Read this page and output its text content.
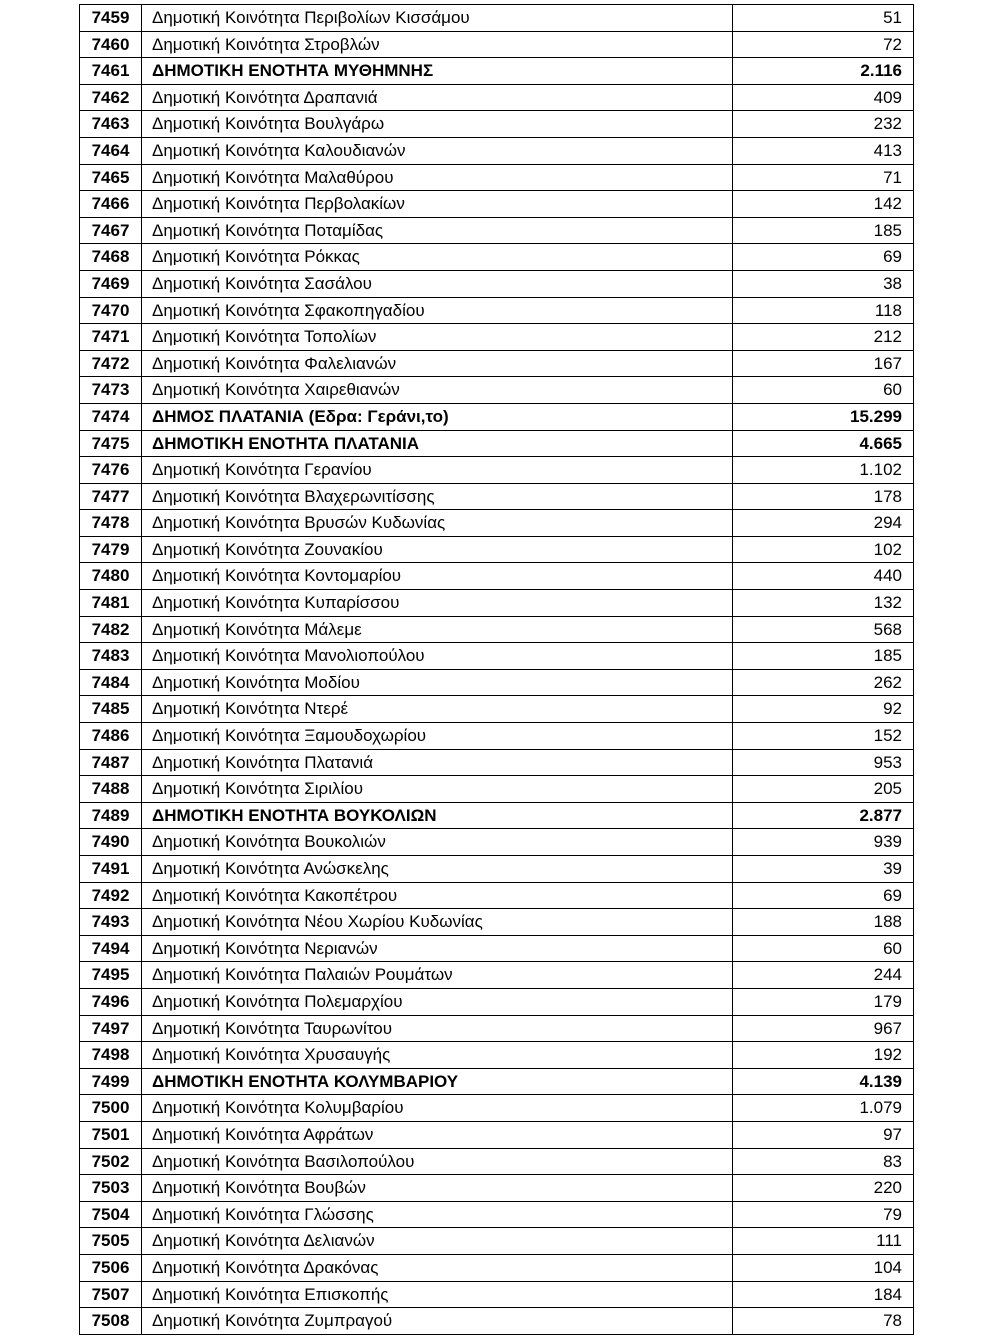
7459	Δημοτική Κοινότητα Περιβολίων Κισσάμου	51
7460	Δημοτική Κοινότητα Στροβλών	72
7461	ΔΗΜΟΤΙΚΗ ΕΝΟΤΗΤΑ ΜΥΘΗΜΝΗΣ	2.116
7462	Δημοτική Κοινότητα Δραπανιά	409
7463	Δημοτική Κοινότητα Βουλγάρω	232
7464	Δημοτική Κοινότητα Καλουδιανών	413
7465	Δημοτική Κοινότητα Μαλαθύρου	71
7466	Δημοτική Κοινότητα Περβολακίων	142
7467	Δημοτική Κοινότητα Ποταμίδας	185
7468	Δημοτική Κοινότητα Ρόκκας	69
7469	Δημοτική Κοινότητα Σασάλου	38
7470	Δημοτική Κοινότητα Σφακοπηγαδίου	118
7471	Δημοτική Κοινότητα Τοπολίων	212
7472	Δημοτική Κοινότητα Φαλελιανών	167
7473	Δημοτική Κοινότητα Χαιρεθιανών	60
7474	ΔΗΜΟΣ ΠΛΑΤΑΝΙΑ (Εδρα: Γεράνι,το)	15.299
7475	ΔΗΜΟΤΙΚΗ ΕΝΟΤΗΤΑ ΠΛΑΤΑΝΙΑ	4.665
7476	Δημοτική Κοινότητα Γερανίου	1.102
7477	Δημοτική Κοινότητα Βλαχερωνιτίσσης	178
7478	Δημοτική Κοινότητα Βρυσών Κυδωνίας	294
7479	Δημοτική Κοινότητα Ζουνακίου	102
7480	Δημοτική Κοινότητα Κοντομαρίου	440
7481	Δημοτική Κοινότητα Κυπαρίσσου	132
7482	Δημοτική Κοινότητα Μάλεμε	568
7483	Δημοτική Κοινότητα Μανολιοπούλου	185
7484	Δημοτική Κοινότητα Μοδίου	262
7485	Δημοτική Κοινότητα Ντερέ	92
7486	Δημοτική Κοινότητα Ξαμουδοχωρίου	152
7487	Δημοτική Κοινότητα Πλατανιά	953
7488	Δημοτική Κοινότητα Σιριλίου	205
7489	ΔΗΜΟΤΙΚΗ ΕΝΟΤΗΤΑ ΒΟΥΚΟΛΙΩΝ	2.877
7490	Δημοτική Κοινότητα Βουκολιών	939
7491	Δημοτική Κοινότητα Ανώσκελης	39
7492	Δημοτική Κοινότητα Κακοπέτρου	69
7493	Δημοτική Κοινότητα Νέου Χωρίου Κυδωνίας	188
7494	Δημοτική Κοινότητα Νεριανών	60
7495	Δημοτική Κοινότητα Παλαιών Ρουμάτων	244
7496	Δημοτική Κοινότητα Πολεμαρχίου	179
7497	Δημοτική Κοινότητα Ταυρωνίτου	967
7498	Δημοτική Κοινότητα Χρυσαυγής	192
7499	ΔΗΜΟΤΙΚΗ ΕΝΟΤΗΤΑ ΚΟΛΥΜΒΑΡΙΟΥ	4.139
7500	Δημοτική Κοινότητα Κολυμβαρίου	1.079
7501	Δημοτική Κοινότητα Αφράτων	97
7502	Δημοτική Κοινότητα Βασιλοπούλου	83
7503	Δημοτική Κοινότητα Βουβών	220
7504	Δημοτική Κοινότητα Γλώσσης	79
7505	Δημοτική Κοινότητα Δελιανών	111
7506	Δημοτική Κοινότητα Δρακόνας	104
7507	Δημοτική Κοινότητα Επισκοπής	184
7508	Δημοτική Κοινότητα Ζυμπραγού	78
